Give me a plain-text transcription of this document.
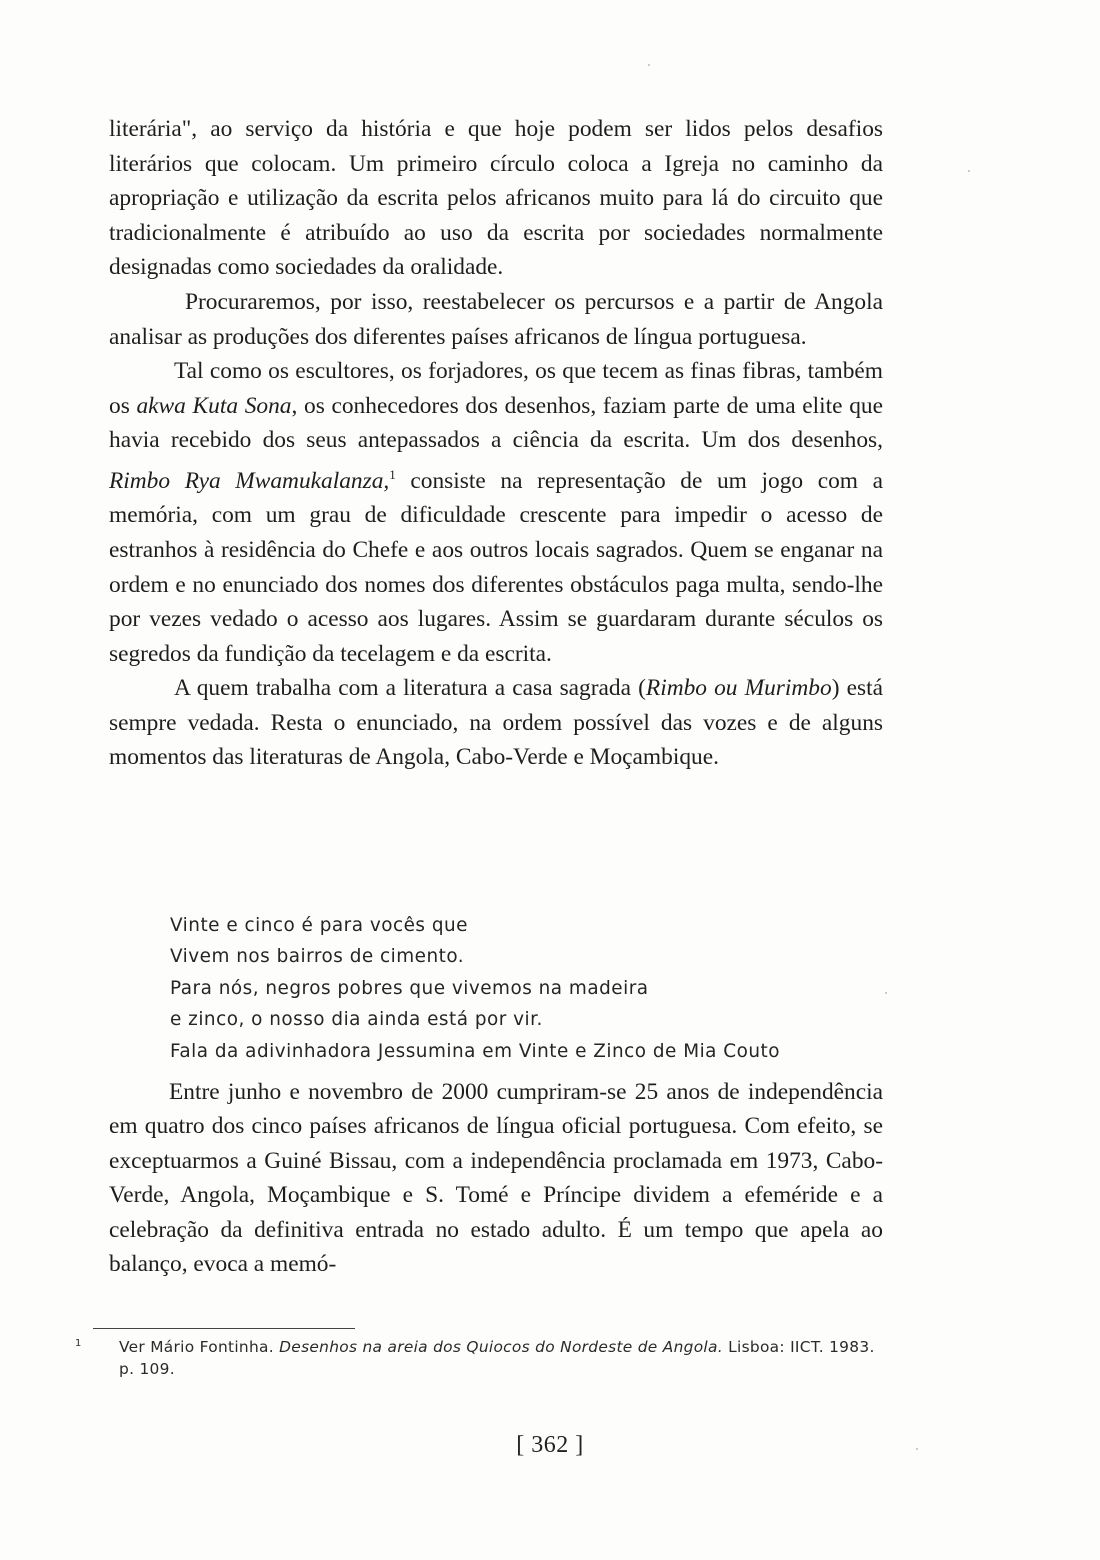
literária", ao serviço da história e que hoje podem ser lidos pelos desafios literários que colocam. Um primeiro círculo coloca a Igreja no caminho da apropriação e utilização da escrita pelos africanos muito para lá do circuito que tradicionalmente é atribuído ao uso da escrita por sociedades normalmente designadas como sociedades da oralidade.

Procuraremos, por isso, reestabelecer os percursos e a partir de Angola analisar as produções dos diferentes países africanos de língua portuguesa.

Tal como os escultores, os forjadores, os que tecem as finas fibras, também os akwa Kuta Sona, os conhecedores dos desenhos, faziam parte de uma elite que havia recebido dos seus antepassados a ciência da escrita. Um dos desenhos, Rimbo Rya Mwamukalanza,$^1$ consiste na representação de um jogo com a memória, com um grau de dificuldade crescente para impedir o acesso de estranhos à residência do Chefe e aos outros locais sagrados. Quem se enganar na ordem e no enunciado dos nomes dos diferentes obstáculos paga multa, sendo-lhe por vezes vedado o acesso aos lugares. Assim se guardaram durante séculos os segredos da fundição da tecelagem e da escrita.

A quem trabalha com a literatura a casa sagrada (Rimbo ou Murimbo) está sempre vedada. Resta o enunciado, na ordem possível das vozes e de alguns momentos das literaturas de Angola, Cabo-Verde e Moçambique.

Vinte e cinco é para vocês que
Vivem nos bairros de cimento.
Para nós, negros pobres que vivemos na madeira
e zinco, o nosso dia ainda está por vir.
Fala da adivinhadora Jessumina em Vinte e Zinco de Mia Couto

Entre junho e novembro de 2000 cumpriram-se 25 anos de independência em quatro dos cinco países africanos de língua oficial portuguesa. Com efeito, se exceptuarmos a Guiné Bissau, com a independência proclamada em 1973, Cabo-Verde, Angola, Moçambique e S. Tomé e Príncipe dividem a efeméride e a celebração da definitiva entrada no estado adulto. É um tempo que apela ao balanço, evoca a memó-

1 Ver Mário Fontinha. Desenhos na areia dos Quiocos do Nordeste de Angola. Lisboa: IICT. 1983. p. 109.
[ 362 ]
